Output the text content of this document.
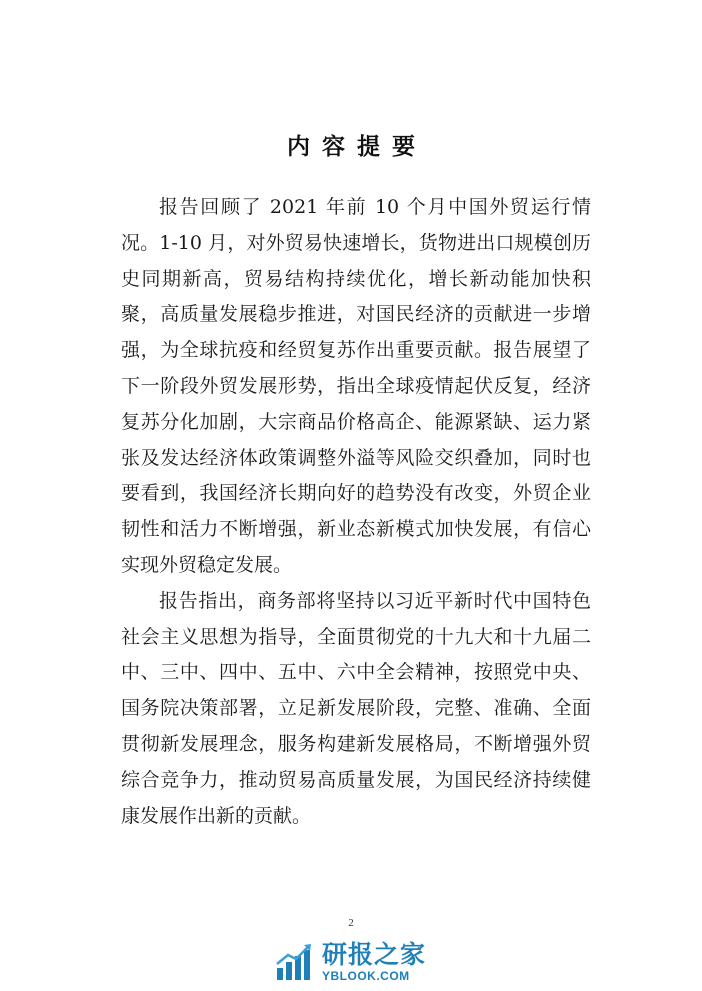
内容提要

报告回顾了 2021 年前 10 个月中国外贸运行情况。1-10 月，对外贸易快速增长，货物进出口规模创历史同期新高，贸易结构持续优化，增长新动能加快积聚，高质量发展稳步推进，对国民经济的贡献进一步增强，为全球抗疫和经贸复苏作出重要贡献。报告展望了下一阶段外贸发展形势，指出全球疫情起伏反复，经济复苏分化加剧，大宗商品价格高企、能源紧缺、运力紧张及发达经济体政策调整外溢等风险交织叠加，同时也要看到，我国经济长期向好的趋势没有改变，外贸企业韧性和活力不断增强，新业态新模式加快发展，有信心实现外贸稳定发展。

报告指出，商务部将坚持以习近平新时代中国特色社会主义思想为指导，全面贯彻党的十九大和十九届二中、三中、四中、五中、六中全会精神，按照党中央、国务院决策部署，立足新发展阶段，完整、准确、全面贯彻新发展理念，服务构建新发展格局，不断增强外贸综合竞争力，推动贸易高质量发展，为国民经济持续健康发展作出新的贡献。

2
研报之家
YBLOOK.COM
